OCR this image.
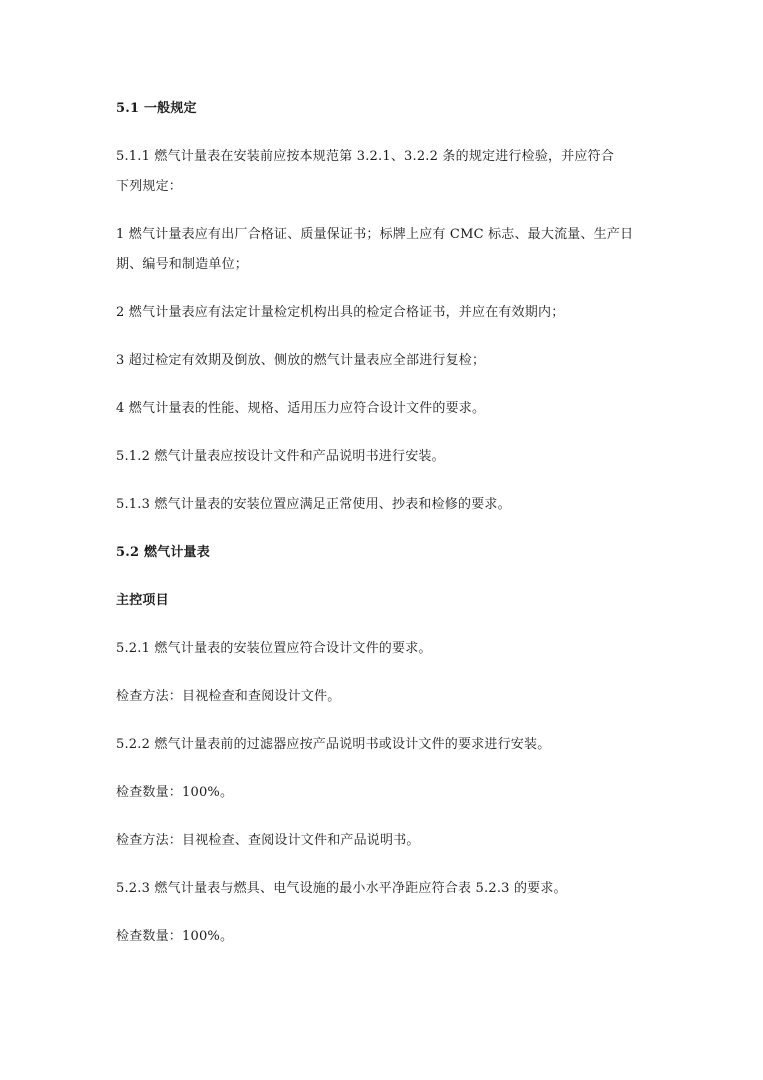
5.1 一般规定
5.1.1 燃气计量表在安装前应按本规范第 3.2.1、3.2.2 条的规定进行检验，并应符合
下列规定：
1 燃气计量表应有出厂合格证、质量保证书；标牌上应有 CMC 标志、最大流量、生产日
期、编号和制造单位；
2 燃气计量表应有法定计量检定机构出具的检定合格证书，并应在有效期内；
3 超过检定有效期及倒放、侧放的燃气计量表应全部进行复检；
4 燃气计量表的性能、规格、适用压力应符合设计文件的要求。
5.1.2 燃气计量表应按设计文件和产品说明书进行安装。
5.1.3 燃气计量表的安装位置应满足正常使用、抄表和检修的要求。
5.2 燃气计量表
主控项目
5.2.1 燃气计量表的安装位置应符合设计文件的要求。
检查方法：目视检查和查阅设计文件。
5.2.2 燃气计量表前的过滤器应按产品说明书或设计文件的要求进行安装。
检查数量：100%。
检查方法：目视检查、查阅设计文件和产品说明书。
5.2.3 燃气计量表与燃具、电气设施的最小水平净距应符合表 5.2.3 的要求。
检查数量：100%。
